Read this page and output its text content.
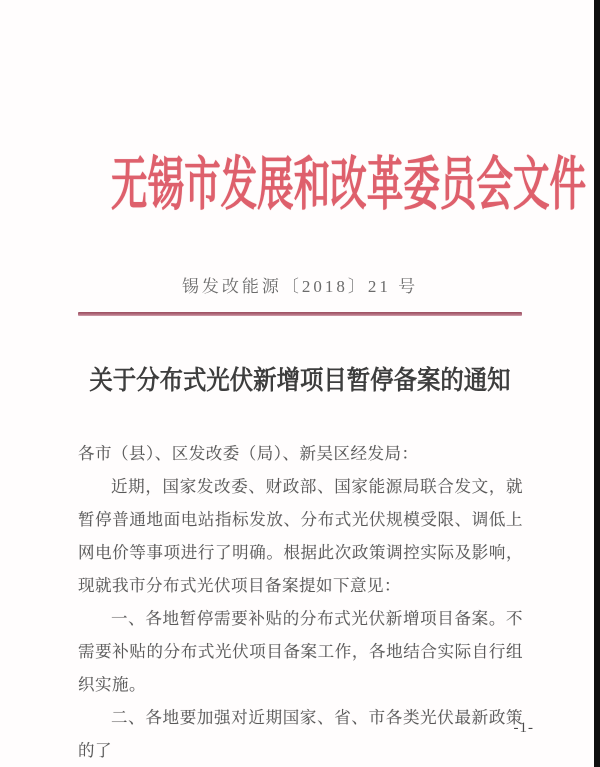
无锡市发展和改革委员会文件
锡发改能源〔2018〕21 号
关于分布式光伏新增项目暂停备案的通知

各市（县）、区发改委（局）、新吴区经发局：

近期，国家发改委、财政部、国家能源局联合发文，就暂停普通地面电站指标发放、分布式光伏规模受限、调低上网电价等事项进行了明确。根据此次政策调控实际及影响，现就我市分布式光伏项目备案提如下意见：

一、各地暂停需要补贴的分布式光伏新增项目备案。不需要补贴的分布式光伏项目备案工作，各地结合实际自行组织实施。

二、各地要加强对近期国家、省、市各类光伏最新政策的了

-1-
